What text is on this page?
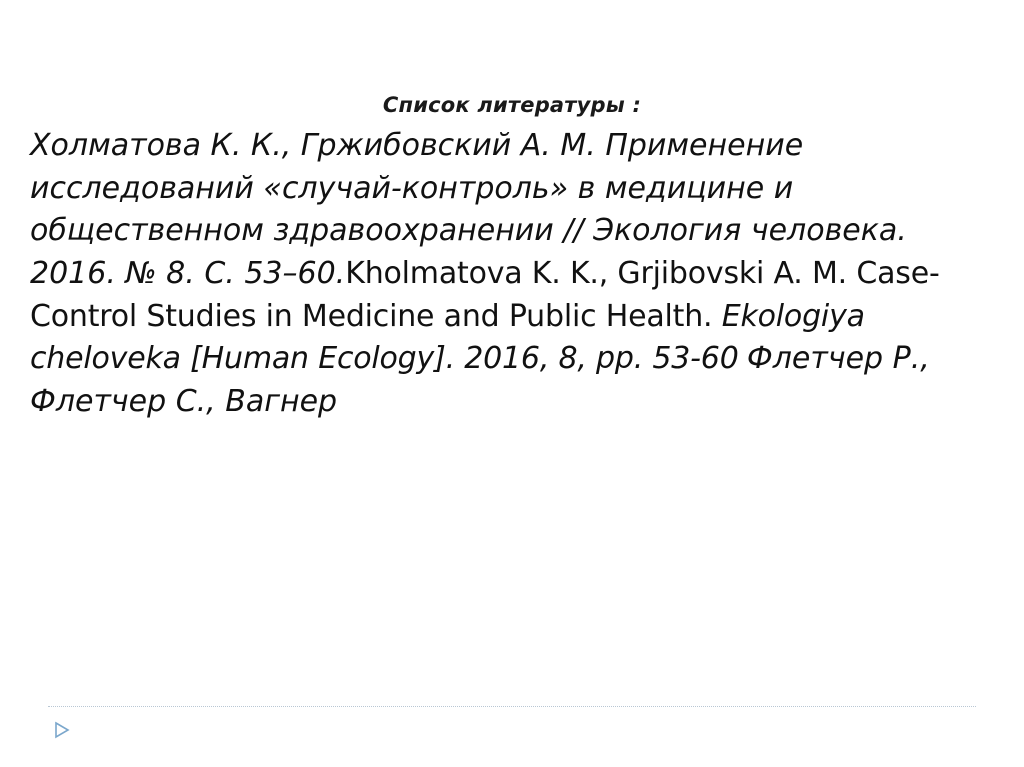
Список литературы :
Холматова К. К., Гржибовский А. М. Применение исследований «случай-контроль» в медицине и общественном здравоохранении // Экология человека. 2016. № 8. С. 53–60.Kholmatova K. K., Grjibovski A. M. Case-Control Studies in Medicine and Public Health. Ekologiya cheloveka [Human Ecology]. 2016, 8, pp. 53-60 Флетчер Р., Флетчер С., Вагнер
